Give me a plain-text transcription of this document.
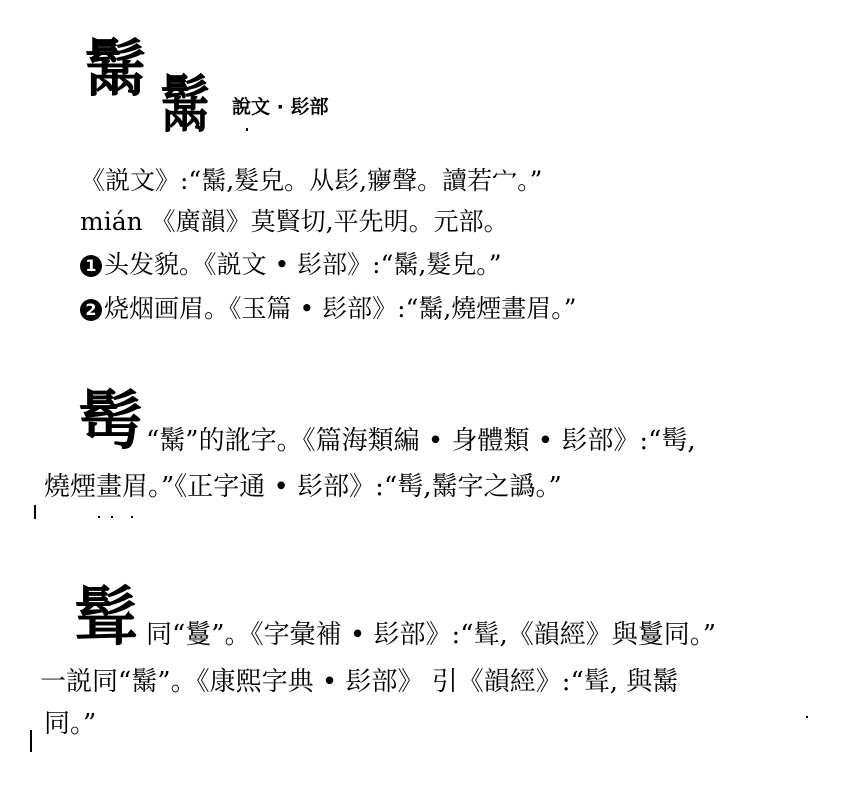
鬗 鬗 說文 · 髟部
《説文》:“鬗,髮皃。从髟,㝱聲。讀若宀。”
mián 《廣韻》莫賢切,平先明。元部。
1 头发貌。《説文 • 髟部》:“鬗,髮皃。”
2 烧烟画眉。《玉篇 • 髟部》:“鬗,燒煙畫眉。”
髩 “鬗”的訛字。《篇海類編 • 身體類 • 髟部》:“髩,
燒煙畫眉。”《正字通 • 髟部》:“髩,鬗字之譌。”
髶 同“鬘”。《字彙補 • 髟部》:“髶,《韻經》與鬘同。”
一説同“鬗”。《康熙字典 • 髟部》 引《韻經》:“髶, 與鬗
同。”
